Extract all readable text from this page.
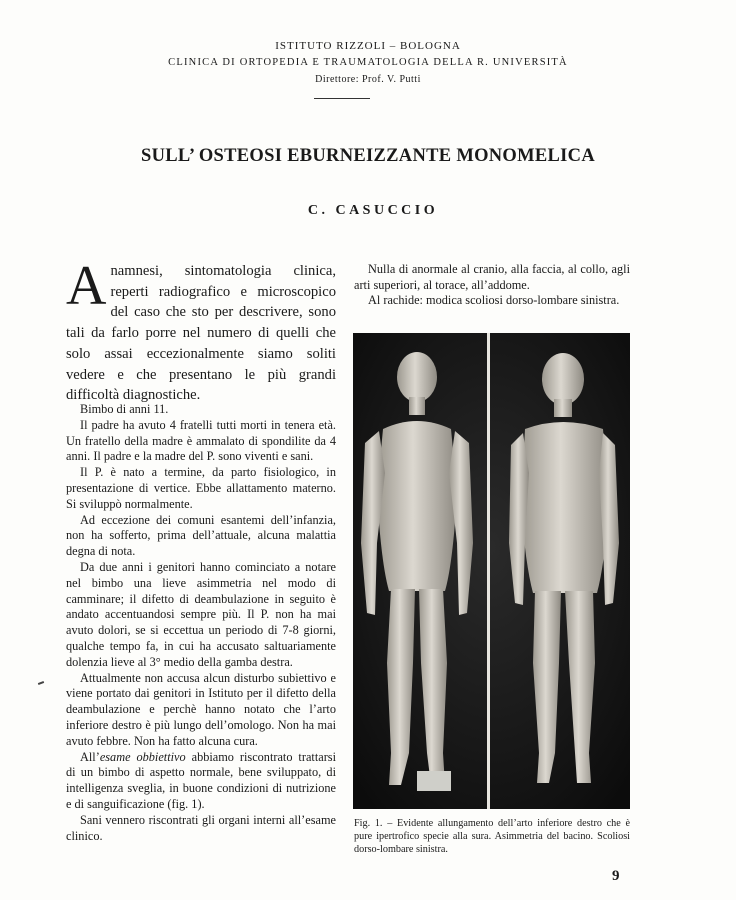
ISTITUTO RIZZOLI – BOLOGNA
CLINICA DI ORTOPEDIA E TRAUMATOLOGIA DELLA R. UNIVERSITÀ
Direttore: Prof. V. Putti
SULL’ OSTEOSI EBURNEIZZANTE MONOMELICA
C. CASUCCIO
Anamnesi, sintomatologia clinica, reperti radiografico e microscopico del caso che sto per descrivere, sono tali da farlo porre nel numero di quelli che solo assai eccezionalmente siamo soliti vedere e che presentano le più grandi difficoltà diagnostiche.

Bimbo di anni 11.

Il padre ha avuto 4 fratelli tutti morti in tenera età. Un fratello della madre è ammalato di spondilite da 4 anni. Il padre e la madre del P. sono viventi e sani.

Il P. è nato a termine, da parto fisiologico, in presentazione di vertice. Ebbe allattamento materno. Si sviluppò normalmente.

Ad eccezione dei comuni esantemi dell’infanzia, non ha sofferto, prima dell’attuale, alcuna malattia degna di nota.

Da due anni i genitori hanno cominciato a notare nel bimbo una lieve asimmetria nel modo di camminare; il difetto di deambulazione in seguito è andato accentuandosi sempre più. Il P. non ha mai avuto dolori, se si eccettua un periodo di 7-8 giorni, qualche tempo fa, in cui ha accusato saltuariamente dolenzia lieve al 3° medio della gamba destra.

Attualmente non accusa alcun disturbo subiettivo e viene portato dai genitori in Istituto per il difetto della deambulazione e perchè hanno notato che l’arto inferiore destro è più lungo dell’omologo. Non ha mai avuto febbre. Non ha fatto alcuna cura.

All’esame obbiettivo abbiamo riscontrato trattarsi di un bimbo di aspetto normale, bene sviluppato, di intelligenza sveglia, in buone condizioni di nutrizione e di sanguificazione (fig. 1).

Sani vennero riscontrati gli organi interni all’esame clinico.

Nulla di anormale al cranio, alla faccia, al collo, agli arti superiori, al torace, all’addome.

Al rachide: modica scoliosi dorso-lombare sinistra.

Fig. 1. – Evidente allungamento dell’arto inferiore destro che è pure ipertrofico specie alla sura. Asimmetria del bacino. Scoliosi dorso-lombare sinistra.
9
